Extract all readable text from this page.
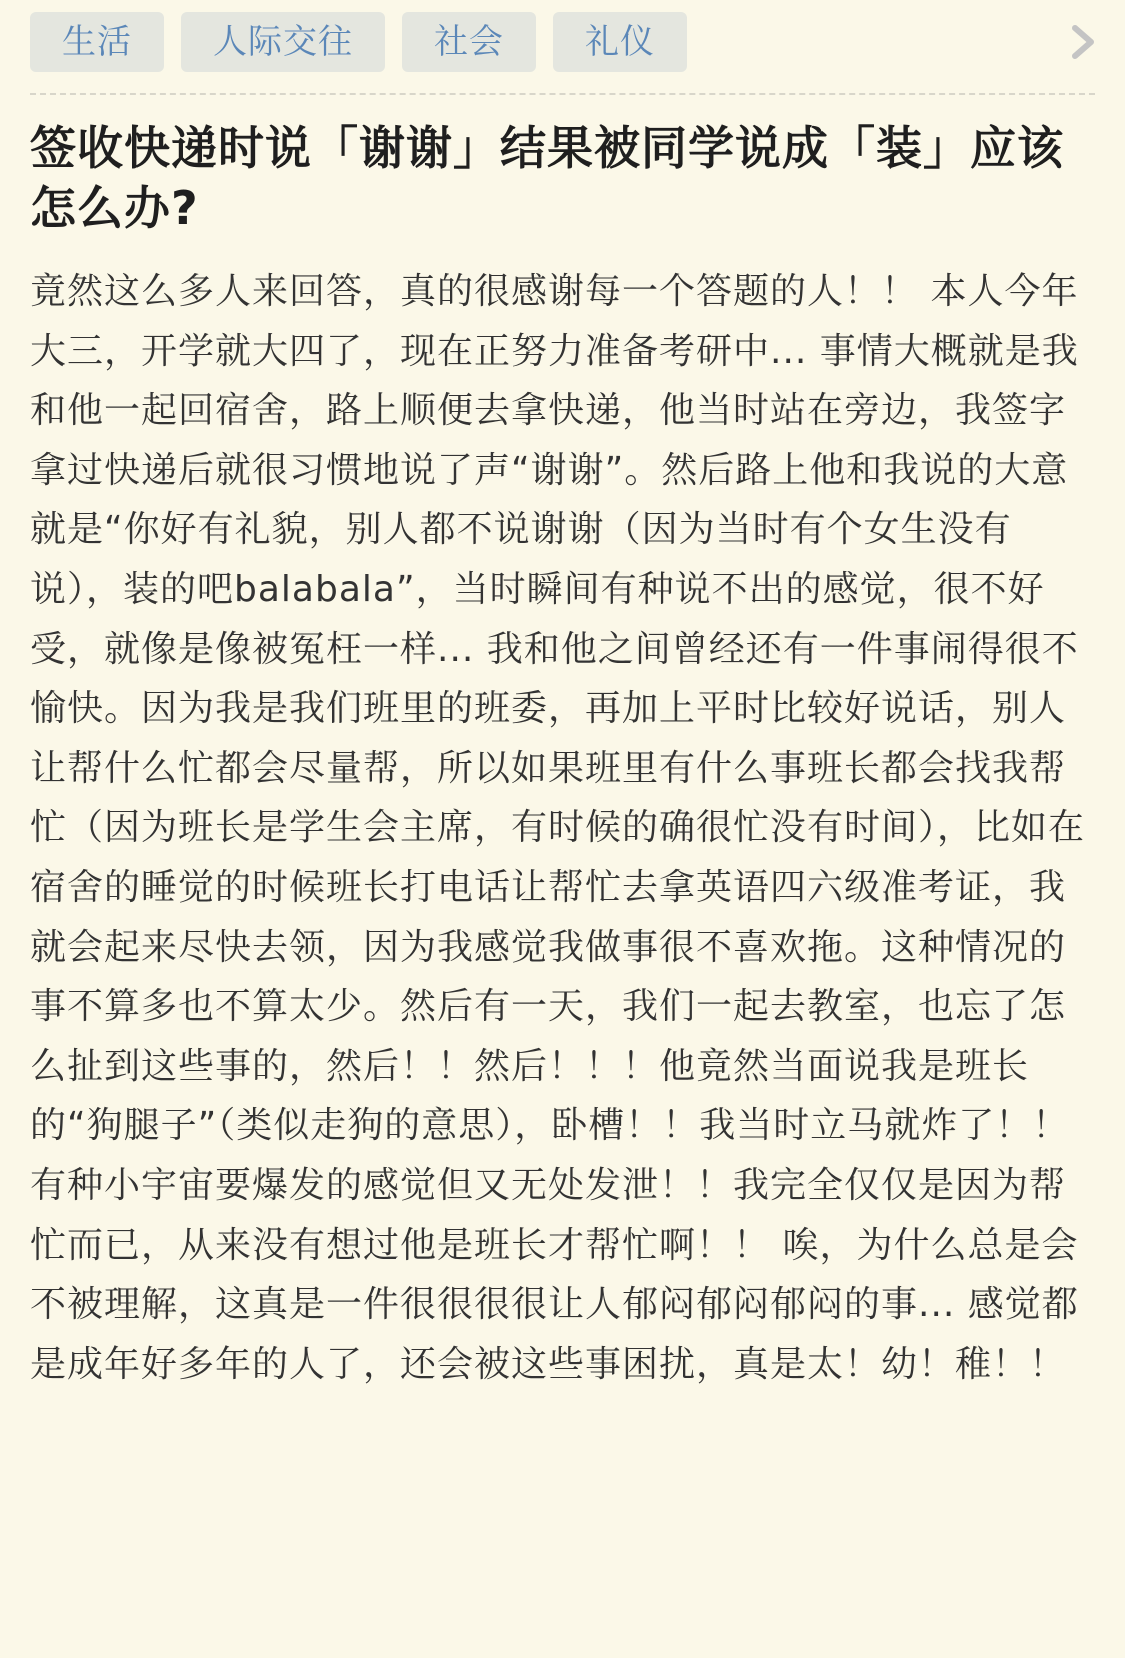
生活	人际交往	社会	礼仪
签收快递时说「谢谢」结果被同学说成「装」应该怎么办?

竟然这么多人来回答，真的很感谢每一个答题的人！！ 本人今年大三，开学就大四了，现在正努力准备考研中... 事情大概就是我和他一起回宿舍，路上顺便去拿快递，他当时站在旁边，我签字拿过快递后就很习惯地说了声“谢谢”。然后路上他和我说的大意就是“你好有礼貌，别人都不说谢谢（因为当时有个女生没有说），装的吧balabala”，当时瞬间有种说不出的感觉，很不好受，就像是像被冤枉一样... 我和他之间曾经还有一件事闹得很不愉快。因为我是我们班里的班委，再加上平时比较好说话，别人让帮什么忙都会尽量帮，所以如果班里有什么事班长都会找我帮忙（因为班长是学生会主席，有时候的确很忙没有时间），比如在宿舍的睡觉的时候班长打电话让帮忙去拿英语四六级准考证，我就会起来尽快去领，因为我感觉我做事很不喜欢拖。这种情况的事不算多也不算太少。然后有一天，我们一起去教室，也忘了怎么扯到这些事的，然后！！然后！！！他竟然当面说我是班长的“狗腿子”（类似走狗的意思），卧槽！！我当时立马就炸了！！有种小宇宙要爆发的感觉但又无处发泄！！我完全仅仅是因为帮忙而已，从来没有想过他是班长才帮忙啊！！ 唉，为什么总是会不被理解，这真是一件很很很很让人郁闷郁闷郁闷的事... 感觉都是成年好多年的人了，还会被这些事困扰，真是太！幼！稚！！
